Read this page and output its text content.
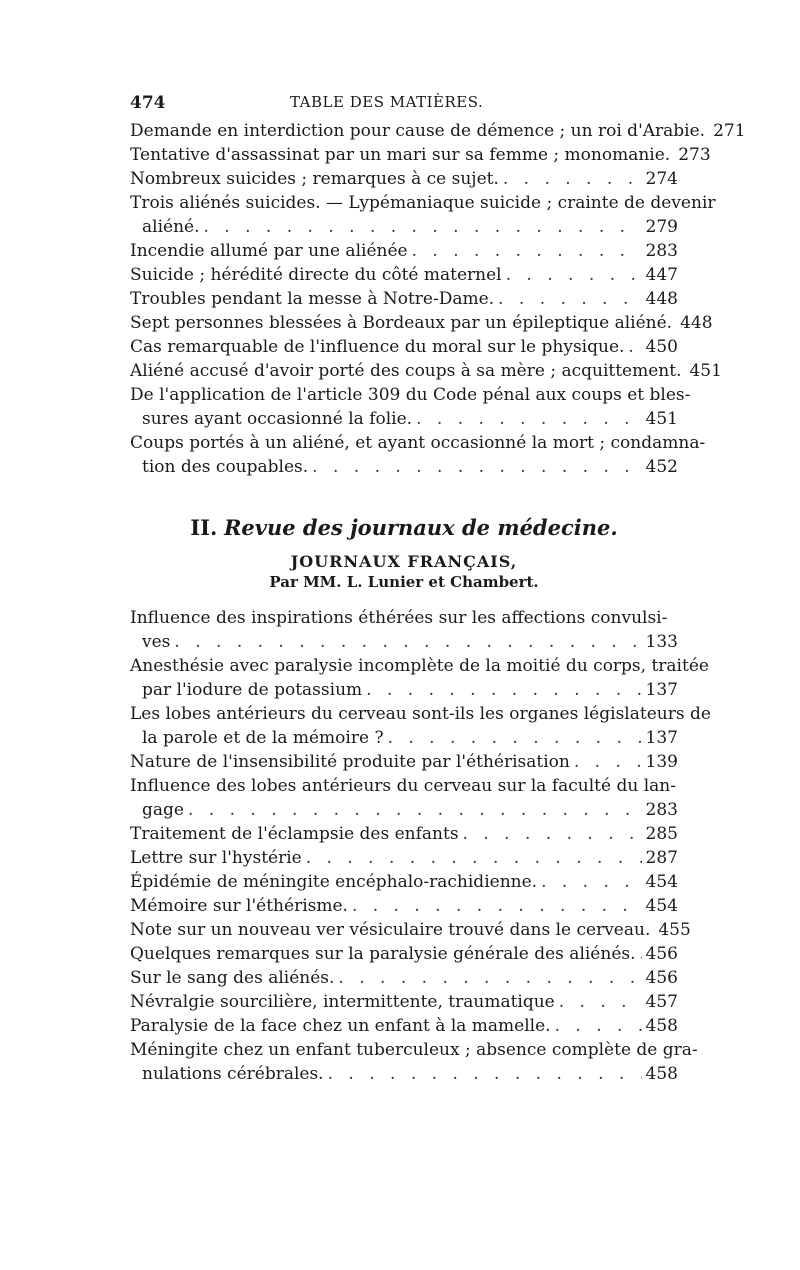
474	TABLE DES MATIÈRES.
Demande en interdiction pour cause de démence ; un roi d'Arabie. 271
Tentative d'assassinat par un mari sur sa femme ; monomanie. 273
Nombreux suicides ; remarques à ce sujet. . . .	274
Trois aliénés suicides. — Lypémaniaque suicide ; crainte de devenir
aliéné. . . .	279
Incendie allumé par une aliénée . . .	283
Suicide ; hérédité directe du côté maternel . . .	447
Troubles pendant la messe à Notre-Dame. . . .	448
Sept personnes blessées à Bordeaux par un épileptique aliéné. 448
Cas remarquable de l'influence du moral sur le physique. . . . 450
Aliéné accusé d'avoir porté des coups à sa mère ; acquittement. 451
De l'application de l'article 309 du Code pénal aux coups et bles-
sures ayant occasionné la folie. . . .	451
Coups portés à un aliéné, et ayant occasionné la mort ; condamna-
tion des coupables. . . .	452
II. Revue des journaux de médecine.
JOURNAUX FRANÇAIS,
Par MM. L. Lunier et Chambert.
Influence des inspirations éthérées sur les affections convulsi-
ves . . .	133
Anesthésie avec paralysie incomplète de la moitié du corps, traitée
par l'iodure de potassium . . .	137
Les lobes antérieurs du cerveau sont-ils les organes législateurs de
la parole et de la mémoire ? . . .	137
Nature de l'insensibilité produite par l'éthérisation . . .	139
Influence des lobes antérieurs du cerveau sur la faculté du lan-
gage . . .	283
Traitement de l'éclampsie des enfants . . .	285
Lettre sur l'hystérie . . .	287
Épidémie de méningite encéphalo-rachidienne. . . .	454
Mémoire sur l'éthérisme. . . .	454
Note sur un nouveau ver vésiculaire trouvé dans le cerveau. 455
Quelques remarques sur la paralysie générale des aliénés. . . . 456
Sur le sang des aliénés. . . .	456
Névralgie sourcilière, intermittente, traumatique . . .	457
Paralysie de la face chez un enfant à la mamelle. . . .	458
Méningite chez un enfant tuberculeux ; absence complète de gra-
nulations cérébrales. . . .	458
